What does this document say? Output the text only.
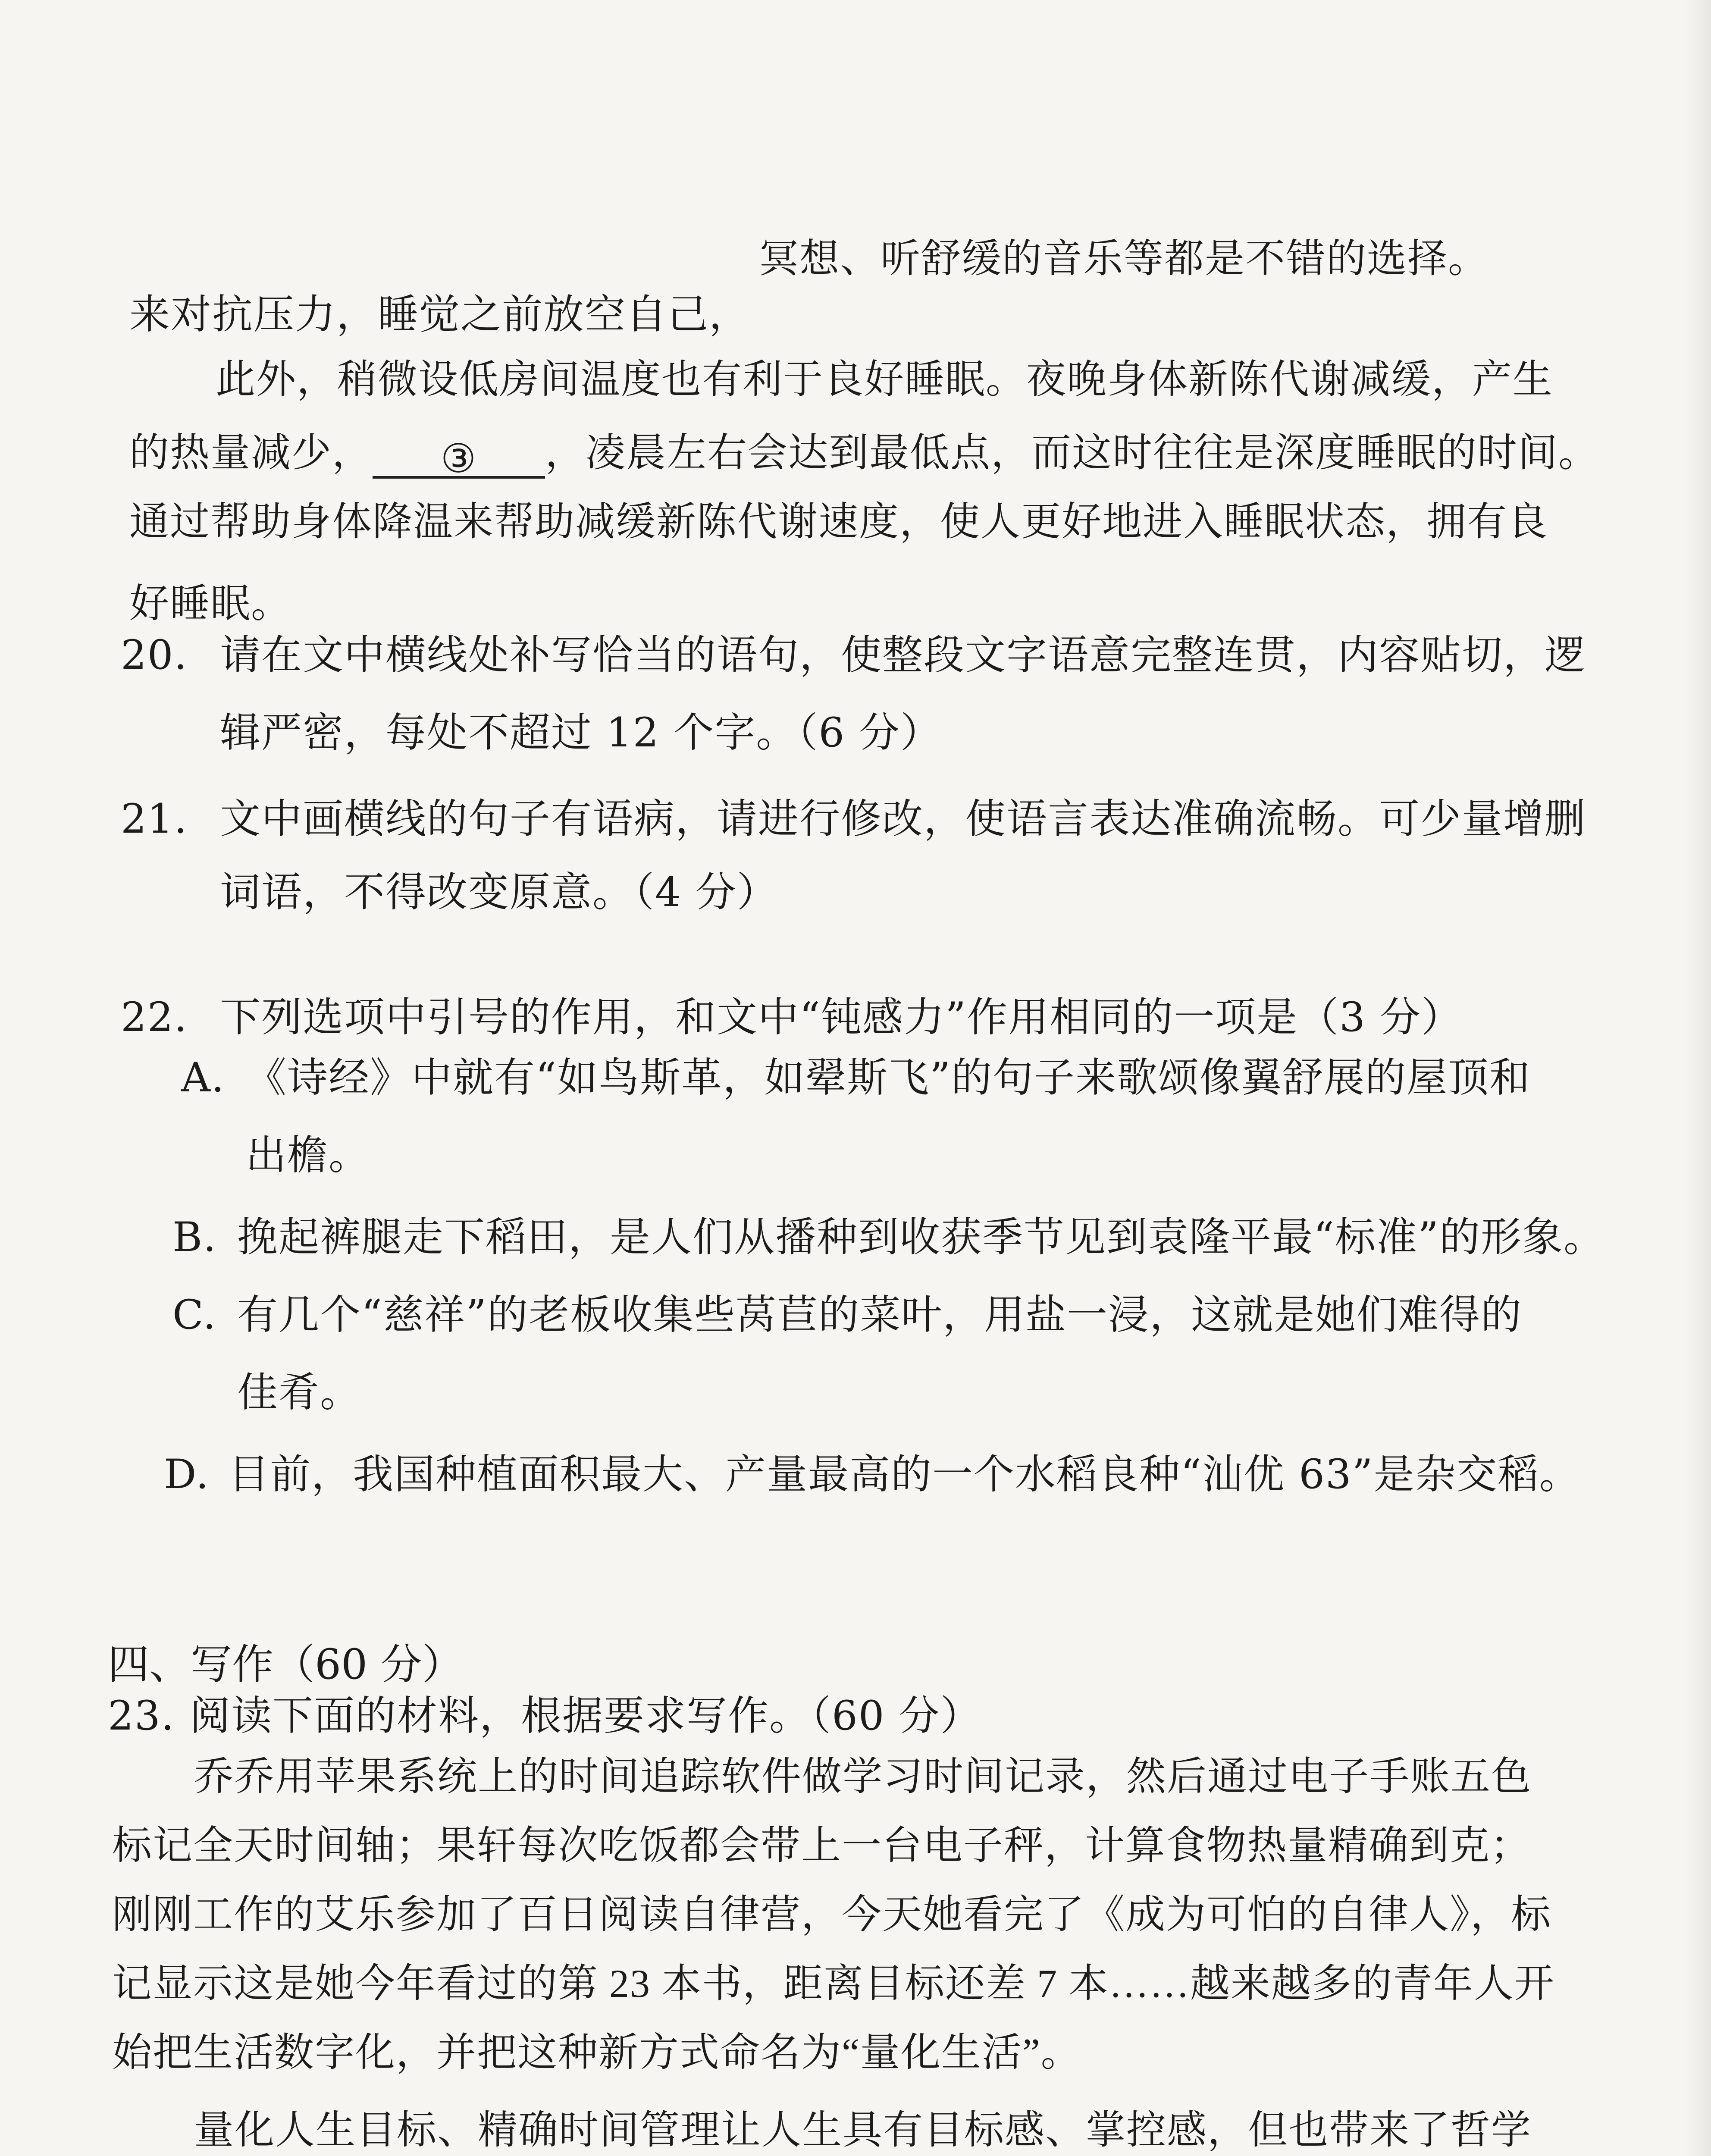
冥想、听舒缓的音乐等都是不错的选择。
来对抗压力，睡觉之前放空自己，
此外，稍微设低房间温度也有利于良好睡眠。夜晚身体新陈代谢减缓，产生
的热量减少， ③ ，凌晨左右会达到最低点，而这时往往是深度睡眠的时间。
通过帮助身体降温来帮助减缓新陈代谢速度，使人更好地进入睡眠状态，拥有良
好睡眠。
20. 请在文中横线处补写恰当的语句，使整段文字语意完整连贯，内容贴切，逻
辑严密，每处不超过 12 个字。（6 分）
21. 文中画横线的句子有语病，请进行修改，使语言表达准确流畅。可少量增删
词语，不得改变原意。（4 分）
22. 下列选项中引号的作用，和文中“钝感力”作用相同的一项是（3 分）
A. 《诗经》中就有“如鸟斯革，如翚斯飞”的句子来歌颂像翼舒展的屋顶和
出檐。
B. 挽起裤腿走下稻田，是人们从播种到收获季节见到袁隆平最“标准”的形象。
C. 有几个“慈祥”的老板收集些莴苣的菜叶，用盐一浸，这就是她们难得的
佳肴。
D. 目前，我国种植面积最大、产量最高的一个水稻良种“汕优 63”是杂交稻。
四、写作（60 分）
23. 阅读下面的材料，根据要求写作。（60 分）
乔乔用苹果系统上的时间追踪软件做学习时间记录，然后通过电子手账五色
标记全天时间轴；果轩每次吃饭都会带上一台电子秤，计算食物热量精确到克；
刚刚工作的艾乐参加了百日阅读自律营，今天她看完了《成为可怕的自律人》，标
记显示这是她今年看过的第 23 本书，距离目标还差 7 本……越来越多的青年人开
始把生活数字化，并把这种新方式命名为“量化生活”。
量化人生目标、精确时间管理让人生具有目标感、掌控感，但也带来了哲学
